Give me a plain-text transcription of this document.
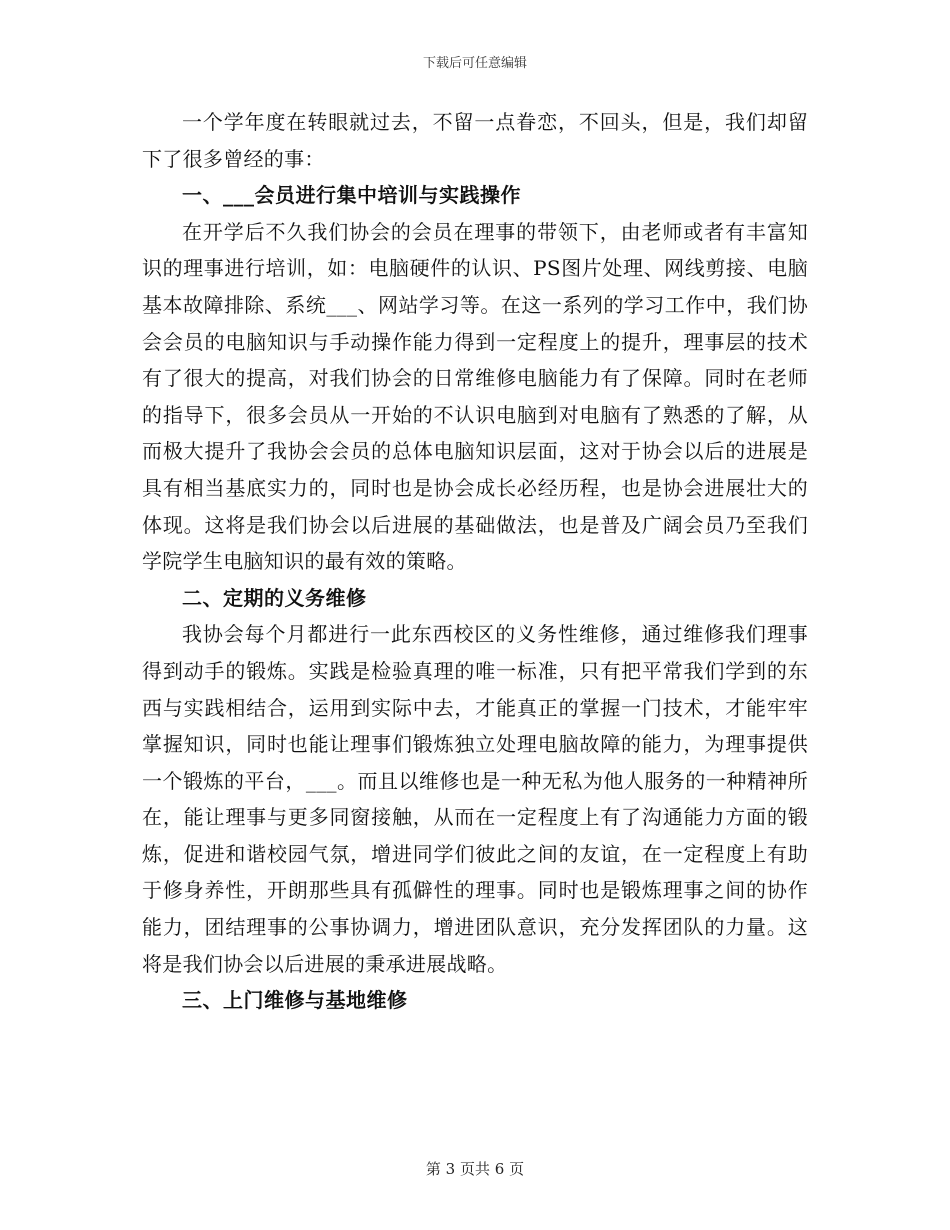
下载后可任意编辑

一个学年度在转眼就过去，不留一点眷恋，不回头，但是，我们却留下了很多曾经的事：

一、___会员进行集中培训与实践操作

在开学后不久我们协会的会员在理事的带领下，由老师或者有丰富知识的理事进行培训，如：电脑硬件的认识、PS图片处理、网线剪接、电脑基本故障排除、系统___、网站学习等。在这一系列的学习工作中，我们协会会员的电脑知识与手动操作能力得到一定程度上的提升，理事层的技术有了很大的提高，对我们协会的日常维修电脑能力有了保障。同时在老师的指导下，很多会员从一开始的不认识电脑到对电脑有了熟悉的了解，从而极大提升了我协会会员的总体电脑知识层面，这对于协会以后的进展是具有相当基底实力的，同时也是协会成长必经历程，也是协会进展壮大的体现。这将是我们协会以后进展的基础做法，也是普及广阔会员乃至我们学院学生电脑知识的最有效的策略。

二、定期的义务维修

我协会每个月都进行一此东西校区的义务性维修，通过维修我们理事得到动手的锻炼。实践是检验真理的唯一标准，只有把平常我们学到的东西与实践相结合，运用到实际中去，才能真正的掌握一门技术，才能牢牢掌握知识，同时也能让理事们锻炼独立处理电脑故障的能力，为理事提供一个锻炼的平台，___。而且以维修也是一种无私为他人服务的一种精神所在，能让理事与更多同窗接触，从而在一定程度上有了沟通能力方面的锻炼，促进和谐校园气氛，增进同学们彼此之间的友谊，在一定程度上有助于修身养性，开朗那些具有孤僻性的理事。同时也是锻炼理事之间的协作能力，团结理事的公事协调力，增进团队意识，充分发挥团队的力量。这将是我们协会以后进展的秉承进展战略。

三、上门维修与基地维修

第 3 页共 6 页
